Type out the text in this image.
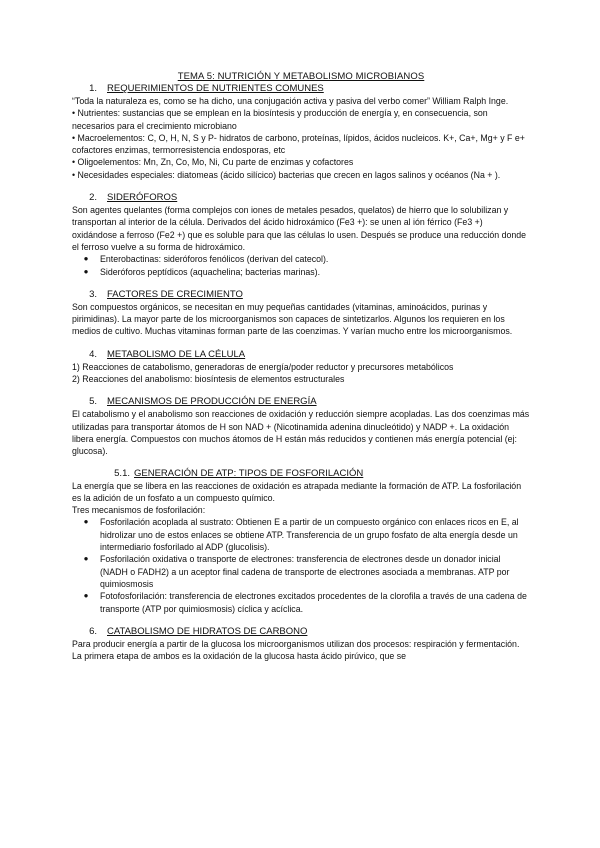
TEMA 5: NUTRICIÓN Y METABOLISMO MICROBIANOS

1.	REQUERIMIENTOS DE NUTRIENTES COMUNES

“Toda la naturaleza es, como se ha dicho, una conjugación activa y pasiva del verbo comer” William Ralph Inge.

• Nutrientes: sustancias que se emplean en la biosíntesis y producción de energía y, en consecuencia, son necesarios para el crecimiento microbiano

• Macroelementos: C, O, H, N, S y P- hidratos de carbono, proteínas, lípidos, ácidos nucleicos. K+, Ca+, Mg+ y F e+ cofactores enzimas, termorresistencia endosporas, etc

• Oligoelementos: Mn, Zn, Co, Mo, Ni, Cu parte de enzimas y cofactores

• Necesidades especiales: diatomeas (ácido silícico) bacterias que crecen en lagos salinos y océanos (Na + ).

2.	SIDERÓFOROS

Son agentes quelantes (forma complejos con iones de metales pesados, quelatos) de hierro que lo solubilizan y transportan al interior de la célula. Derivados del ácido hidroxámico (Fe3 +): se unen al ión férrico (Fe3 +) oxidándose a ferroso (Fe2 +) que es soluble para que las células lo usen. Después se produce una reducción donde el ferroso vuelve a su forma de hidroxámico.

●	Enterobactinas: sideróforos fenólicos (derivan del catecol).
●	Sideróforos peptídicos (aquachelina; bacterias marinas).
3.	FACTORES DE CRECIMIENTO

Son compuestos orgánicos, se necesitan en muy pequeñas cantidades (vitaminas, aminoácidos, purinas y pirimidinas). La mayor parte de los microorganismos son capaces de sintetizarlos. Algunos los requieren en los medios de cultivo. Muchas vitaminas forman parte de las coenzimas. Y varían mucho entre los microorganismos.

4.	METABOLISMO DE LA CÉLULA

1) Reacciones de catabolismo, generadoras de energía/poder reductor y precursores metabólicos

2) Reacciones del anabolismo: biosíntesis de elementos estructurales

5.	MECANISMOS DE PRODUCCIÓN DE ENERGÍA

El catabolismo y el anabolismo son reacciones de oxidación y reducción siempre acopladas. Las dos coenzimas más utilizadas para transportar átomos de H son NAD + (Nicotinamida adenina dinucleótido) y NADP +. La oxidación libera energía. Compuestos con muchos átomos de H están más reducidos y contienen más energía potencial (ej: glucosa).

5.1. GENERACIÓN DE ATP: TIPOS DE FOSFORILACIÓN

La energía que se libera en las reacciones de oxidación es atrapada mediante la formación de ATP. La fosforilación es la adición de un fosfato a un compuesto químico.

Tres mecanismos de fosforilación:

●	Fosforilación acoplada al sustrato: Obtienen E a partir de un compuesto orgánico con enlaces ricos en E, al hidrolizar uno de estos enlaces se obtiene ATP. Transferencia de un grupo fosfato de alta energía desde un intermediario fosforilado al ADP (glucolisis).
●	Fosforilación oxidativa o transporte de electrones: transferencia de electrones desde un donador inicial (NADH o FADH2) a un aceptor final cadena de transporte de electrones asociada a membranas. ATP por quimiosmosis
●	Fotofosforilación: transferencia de electrones excitados procedentes de la clorofila a través de una cadena de transporte (ATP por quimiosmosis) cíclica y acíclica.
6.	CATABOLISMO DE HIDRATOS DE CARBONO

Para producir energía a partir de la glucosa los microorganismos utilizan dos procesos: respiración y fermentación. La primera etapa de ambos es la oxidación de la glucosa hasta ácido pirúvico, que se
